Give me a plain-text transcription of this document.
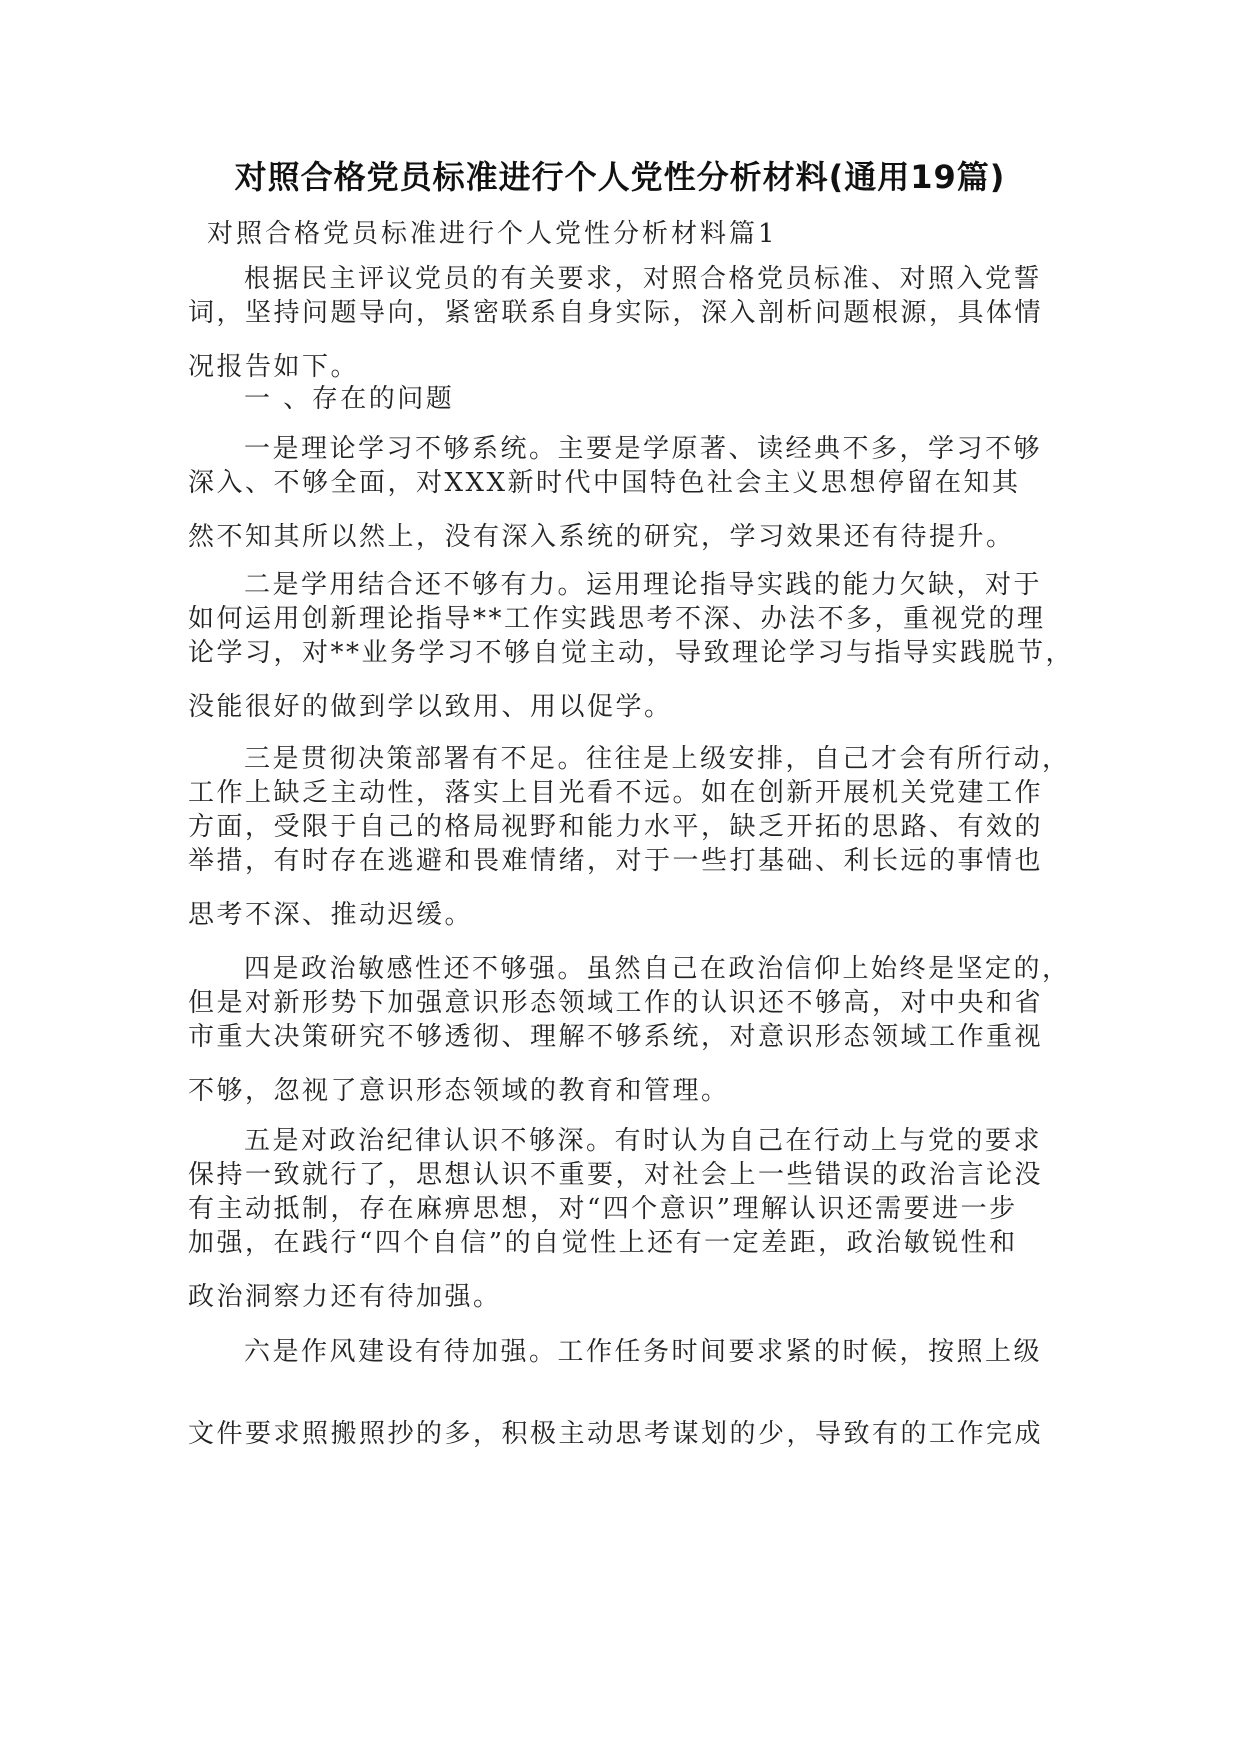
对照合格党员标准进行个人党性分析材料(通用19篇)

对照合格党员标准进行个人党性分析材料篇1

根据民主评议党员的有关要求，对照合格党员标准、对照入党誓
词，坚持问题导向，紧密联系自身实际，深入剖析问题根源，具体情
况报告如下。
一 、存在的问题
一是理论学习不够系统。主要是学原著、读经典不多，学习不够
深入、不够全面，对XXX新时代中国特色社会主义思想停留在知其
然不知其所以然上，没有深入系统的研究，学习效果还有待提升。
二是学用结合还不够有力。运用理论指导实践的能力欠缺，对于
如何运用创新理论指导**工作实践思考不深、办法不多，重视党的理
论学习，对**业务学习不够自觉主动，导致理论学习与指导实践脱节，
没能很好的做到学以致用、用以促学。
三是贯彻决策部署有不足。往往是上级安排，自己才会有所行动，
工作上缺乏主动性，落实上目光看不远。如在创新开展机关党建工作
方面，受限于自己的格局视野和能力水平，缺乏开拓的思路、有效的
举措，有时存在逃避和畏难情绪，对于一些打基础、利长远的事情也
思考不深、推动迟缓。
四是政治敏感性还不够强。虽然自己在政治信仰上始终是坚定的，
但是对新形势下加强意识形态领域工作的认识还不够高，对中央和省
市重大决策研究不够透彻、理解不够系统，对意识形态领域工作重视
不够，忽视了意识形态领域的教育和管理。
五是对政治纪律认识不够深。有时认为自己在行动上与党的要求
保持一致就行了，思想认识不重要，对社会上一些错误的政治言论没
有主动抵制，存在麻痹思想，对“四个意识”理解认识还需要进一步
加强，在践行“四个自信”的自觉性上还有一定差距，政治敏锐性和
政治洞察力还有待加强。
六是作风建设有待加强。工作任务时间要求紧的时候，按照上级
文件要求照搬照抄的多，积极主动思考谋划的少，导致有的工作完成
